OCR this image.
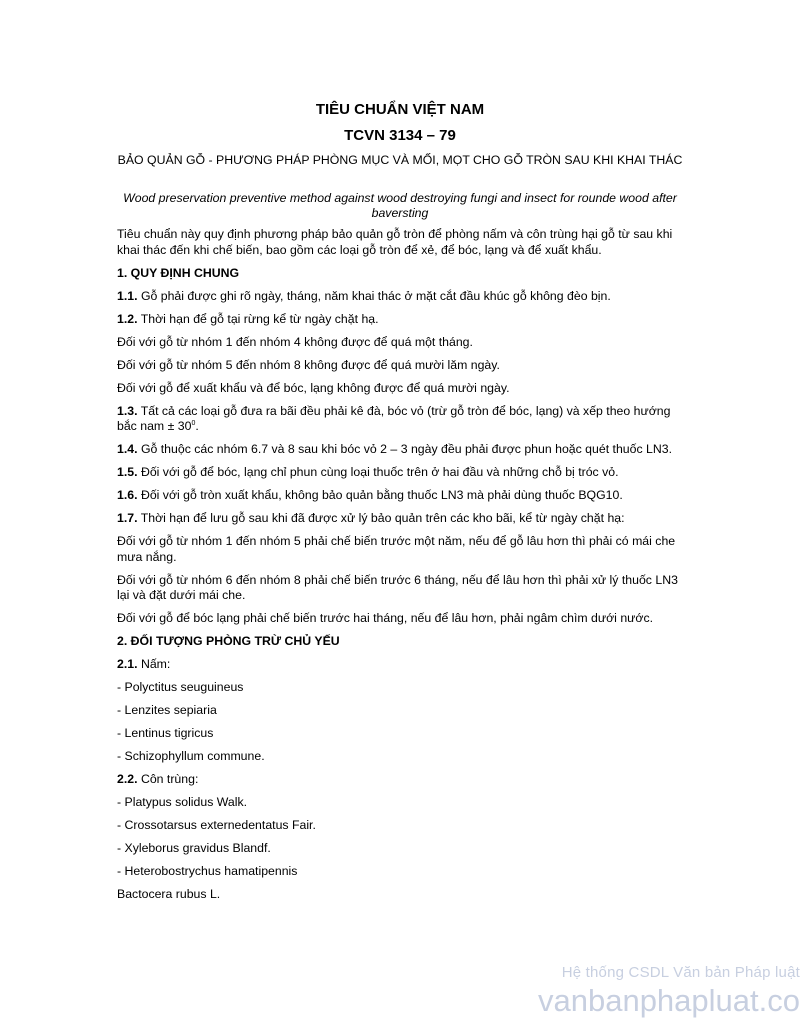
TIÊU CHUẨN VIỆT NAM
TCVN 3134 – 79
BẢO QUẢN GỖ - PHƯƠNG PHÁP PHÒNG MỤC VÀ MỐI, MỌT CHO GỖ TRÒN SAU KHI KHAI THÁC
Wood preservation preventive method against wood destroying fungi and insect for rounde wood after baversting

Tiêu chuẩn này quy định phương pháp bảo quản gỗ tròn để phòng nấm và côn trùng hại gỗ từ sau khi khai thác đến khi chế biến, bao gồm các loại gỗ tròn để xẻ, để bóc, lạng và để xuất khẩu.

1. QUY ĐỊNH CHUNG

1.1. Gỗ phải được ghi rõ ngày, tháng, năm khai thác ở mặt cắt đầu khúc gỗ không đèo bịn.

1.2. Thời hạn để gỗ tại rừng kể từ ngày chặt hạ.

Đối với gỗ từ nhóm 1 đến nhóm 4 không được để quá một tháng.

Đối với gỗ từ nhóm 5 đến nhóm 8 không được để quá mười lăm ngày.

Đối với gỗ để xuất khẩu và để bóc, lạng không được để quá mười ngày.

1.3. Tất cả các loại gỗ đưa ra bãi đều phải kê đà, bóc vỏ (trừ gỗ tròn để bóc, lạng) và xếp theo hướng bắc nam ± $30^0$.

1.4. Gỗ thuộc các nhóm 6.7 và 8 sau khi bóc vỏ 2 – 3 ngày đều phải được phun hoặc quét thuốc LN3.

1.5. Đối với gỗ để bóc, lạng chỉ phun cùng loại thuốc trên ở hai đầu và những chỗ bị tróc vỏ.

1.6. Đối với gỗ tròn xuất khẩu, không bảo quản bằng thuốc LN3 mà phải dùng thuốc BQG10.

1.7. Thời hạn để lưu gỗ sau khi đã được xử lý bảo quản trên các kho bãi, kể từ ngày chặt hạ:

Đối với gỗ từ nhóm 1 đến nhóm 5 phải chế biến trước một năm, nếu để gỗ lâu hơn thì phải có mái che mưa nắng.

Đối với gỗ từ nhóm 6 đến nhóm 8 phải chế biến trước 6 tháng, nếu để lâu hơn thì phải xử lý thuốc LN3 lại và đặt dưới mái che.

Đối với gỗ để bóc lạng phải chế biến trước hai tháng, nếu để lâu hơn, phải ngâm chìm dưới nước.

2. ĐỐI TƯỢNG PHÒNG TRỪ CHỦ YẾU

2.1. Nấm:

- Polyctitus seuguineus

- Lenzites sepiaria

- Lentinus tigricus

- Schizophyllum commune.

2.2. Côn trùng:

- Platypus solidus Walk.

- Crossotarsus externedentatus Fair.

- Xyleborus gravidus Blandf.

- Heterobostrychus hamatipennis

Bactocera rubus L.

Hệ thống CSDL Văn bản Pháp luật
vanbanphapluat.co
